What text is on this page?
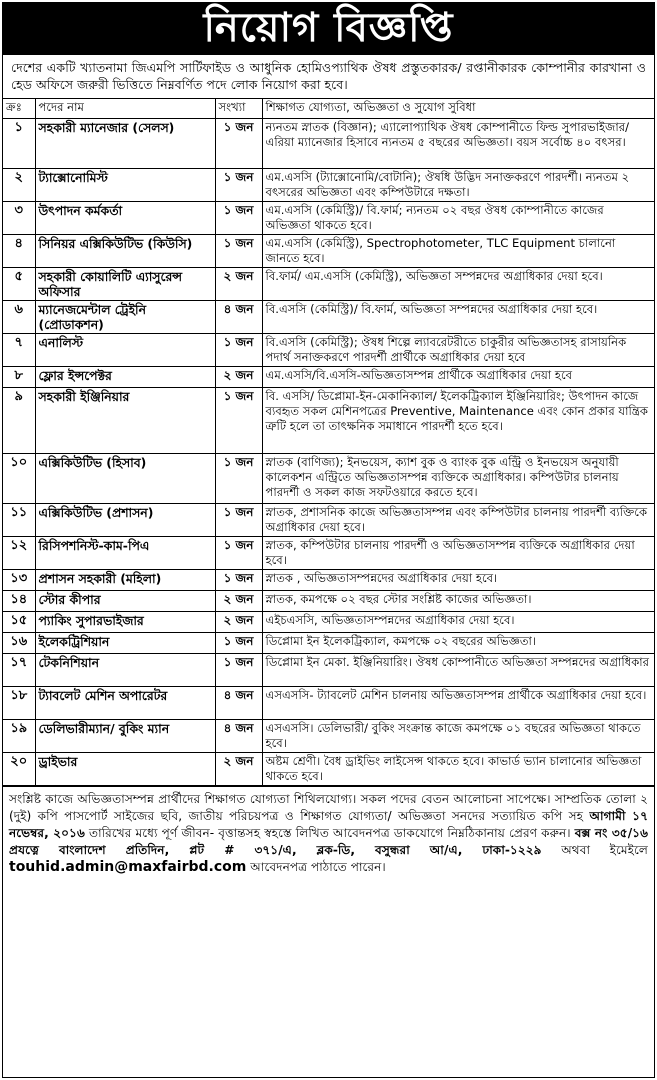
নিয়োগ বিজ্ঞপ্তি
দেশের একটি খ্যাতনামা জিএমপি সার্টিফাইড ও আধুনিক হোমিওপ্যাথিক ঔষধ প্রস্তুতকারক/ রপ্তানীকারক কোম্পানীর কারখানা ও হেড অফিসে জরুরী ভিত্তিতে নিম্নবর্ণিত পদে লোক নিয়োগ করা হবে।
ক্রঃ	পদের নাম	সংখ্যা	শিক্ষাগত যোগ্যতা, অভিজ্ঞতা ও সুযোগ সুবিধা
১	সহকারী ম্যানেজার (সেলস)	১ জন	ন্যনতম স্নাতক (বিজ্ঞান); এ্যালোপ্যাথিক ঔষধ কোম্পানীতে ফিল্ড সুপারভাইজার/ এরিয়া ম্যানেজার হিসাবে ন্যনতম ৫ বছরের অভিজ্ঞতা। বয়স সর্বোচ্চ ৪০ বৎসর।
২	ট্যাক্সোনোমিস্ট	১ জন	এম.এসসি (ট্যাক্সোনোমি/বোটানি); ঔষধি উদ্ভিদ সনাক্তকরণে পারদর্শী। ন্যনতম ২ বৎসরের অভিজ্ঞতা এবং কম্পিউটারে দক্ষতা।
৩	উৎপাদন কর্মকর্তা	১ জন	এম.এসসি (কেমিস্ট্রি)/ বি.ফার্ম; ন্যনতম ০২ বছর ঔষধ কোম্পানীতে কাজের অভিজ্ঞতা থাকতে হবে।
৪	সিনিয়র এক্সিকিউটিভ (কিউসি)	১ জন	এম.এসসি (কেমিস্ট্রি), Spectrophotometer, TLC Equipment চালানো জানতে হবে।
৫	সহকারী কোয়ালিটি এ্যাসুরেন্স অফিসার	২ জন	বি.ফার্ম/ এম.এসসি (কেমিস্ট্রি), অভিজ্ঞতা সম্পন্নদের অগ্রাধিকার দেয়া হবে।
৬	ম্যানেজমেন্টাল ট্রেইনি (প্রোডাকশন)	৪ জন	বি.এসসি (কেমিস্ট্রি)/ বি.ফার্ম, অভিজ্ঞতা সম্পন্নদের অগ্রাধিকার দেয়া হবে।
৭	এনালিস্ট	১ জন	বি.এসসি (কেমিস্ট্রি); ঔষধ শিল্পে ল্যাবরেটরীতে চাকুরীর অভিজ্ঞতাসহ রাসায়নিক পদার্থ সনাক্তকরণে পারদর্শী প্রার্থীকে অগ্রাধিকার দেয়া হবে
৮	ফ্লোর ইন্সপেক্টর	২ জন	এম.এসসি/বি.এসসি-অভিজ্ঞতাসম্পন্ন প্রার্থীকে অগ্রাধিকার দেয়া হবে
৯	সহকারী ইঞ্জিনিয়ার	১ জন	বি. এসসি/ ডিপ্লোমা-ইন-মেকানিক্যাল/ ইলেকট্রিক্যাল ইঞ্জিনিয়ারিং; উৎপাদন কাজে ব্যবহৃত সকল মেশিনপত্রের Preventive, Maintenance এবং কোন প্রকার যান্ত্রিক ত্রুটি হলে তা তাৎক্ষনিক সমাধানে পারদর্শী হতে হবে।
১০	এক্সিকিউটিভ (হিসাব)	১ জন	স্নাতক (বাণিজ্য); ইনভয়েস, ক্যাশ বুক ও ব্যাংক বুক এন্ট্রি ও ইনভয়েস অনুযায়ী কালেকশন এন্ট্রিতে অভিজ্ঞতাসম্পন্ন ব্যক্তিকে অগ্রাধিকার। কম্পিউটার চালনায় পারদর্শী ও সকল কাজ সফটওয়ারে করতে হবে।
১১	এক্সিকিউটিভ (প্রশাসন)	১ জন	স্নাতক, প্রশাসনিক কাজে অভিজ্ঞতাসম্পন্ন এবং কম্পিউটার চালনায় পারদর্শী ব্যক্তিকে অগ্রাধিকার দেয়া হবে।
১২	রিসিপশনিস্ট-কাম-পিএ	১ জন	স্নাতক, কম্পিউটার চালনায় পারদর্শী ও অভিজ্ঞতাসম্পন্ন ব্যক্তিকে অগ্রাধিকার দেয়া হবে।
১৩	প্রশাসন সহকারী (মহিলা)	১ জন	স্নাতক , অভিজ্ঞতাসম্পন্নদের অগ্রাধিকার দেয়া হবে।
১৪	স্টোর কীপার	২ জন	স্নাতক, কমপক্ষে ০২ বছর স্টোর সংশ্লিষ্ট কাজের অভিজ্ঞতা।
১৫	প্যাকিং সুপারভাইজার	২ জন	এইচএসসি, অভিজ্ঞতাসম্পন্নদের অগ্রাধিকার দেয়া হবে।
১৬	ইলেকট্রিশিয়ান	১ জন	ডিপ্লোমা ইন ইলেকট্রিক্যাল, কমপক্ষে ০২ বছরের অভিজ্ঞতা।
১৭	টেকনিশিয়ান	১ জন	ডিপ্লোমা ইন মেকা. ইঞ্জিনিয়ারিং। ঔষধ কোম্পানীতে অভিজ্ঞতা সম্পন্নদের অগ্রাধিকার
১৮	ট্যাবলেট মেশিন অপারেটর	৪ জন	এসএসসি- ট্যাবলেট মেশিন চালনায় অভিজ্ঞতাসম্পন্ন প্রার্থীকে অগ্রাধিকার দেয়া হবে।
১৯	ডেলিভারীম্যান/ বুকিং ম্যান	৪ জন	এসএসসি। ডেলিভারী/ বুকিং সংক্রান্ত কাজে কমপক্ষে ০১ বছরের অভিজ্ঞতা থাকতে হবে।
২০	ড্রাইভার	২ জন	অষ্টম শ্রেণী। বৈধ ড্রাইভিং লাইসেন্স থাকতে হবে। কাভার্ড ভ্যান চালানোর অভিজ্ঞতা থাকতে হবে।
সংশ্লিষ্ট কাজে অভিজ্ঞতাসম্পন্ন প্রার্থীদের শিক্ষাগত যোগ্যতা শিথিলযোগ্য। সকল পদের বেতন আলোচনা সাপেক্ষে। সাম্প্রতিক তোলা ২ (দুই) কপি পাসপোর্ট সাইজের ছবি, জাতীয় পরিচয়পত্র ও শিক্ষাগত যোগ্যতা/ অভিজ্ঞতা সনদের সত্যায়িত কপি সহ আগামী ১৭ নভেম্বর, ২০১৬ তারিখের মধ্যে পূর্ণ জীবন- বৃত্তান্তসহ স্বহস্তে লিখিত আবেদনপত্র ডাকযোগে নিম্নঠিকানায় প্রেরণ করুন। বক্স নং ৩৫/১৬ প্রযত্নে বাংলাদেশ প্রতিদিন, প্লট # ৩৭১/এ, ব্লক-ডি, বসুন্ধরা আ/এ, ঢাকা-১২২৯ অথবা ইমেইলে touhid.admin@maxfairbd.com আবেদনপত্র পাঠাতে পারেন।
